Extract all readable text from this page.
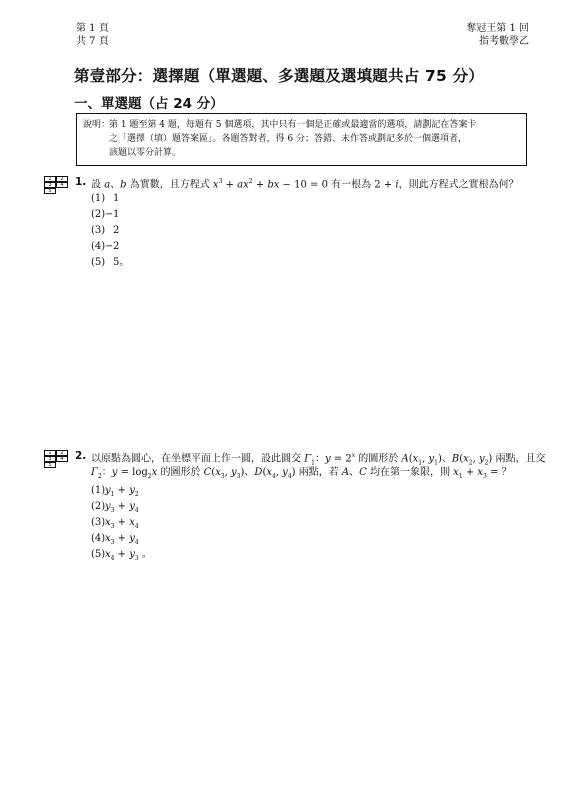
第 1 頁
共 7 頁
奪冠王第 1 回
指考數學乙
第壹部分：選擇題（單選題、多選題及選填題共占 75 分）
一、單選題（占 24 分）
說明：第 1 題至第 4 題，每題有 5 個選項，其中只有一個是正確或最適當的選項，請劃記在答案卡
之「選擇（填）題答案區」。各題答對者，得 6 分；答錯、未作答或劃記多於一個選項者，
該題以零分計算。
1	2
3	4
5
1. 設 a、b 為實數，且方程式 $x^3 + ax^2$ + bx − 10 = 0 有一根為 2 + i，則此方程式之實根為何？
(1) 1
(2)−1
(3) 2
(4)−2
(5) 5。
1	2
3	4
5
2. 以原點為圓心，在坐標平面上作一圓，設此圓交 $\Gamma_1$：$y = 2^x$ 的圖形於 $A(x_1$, $y_1$)、$B(x_2$, $y_2$) 兩點，且交
$\Gamma_2$：$y = \log_2x$ 的圖形於 $C(x_3$, $y_3$)、$D(x_4$, $y_4$) 兩點，若 A、C 均在第一象限，則 $x_1 + x_3$ = ？
$(1)y_1 + y_2$
$(2)y_3 + y_4$
$(3)x_3 + x_4$
$(4)x_3 + y_4$
$(5)x_4 + y_3$ 。
